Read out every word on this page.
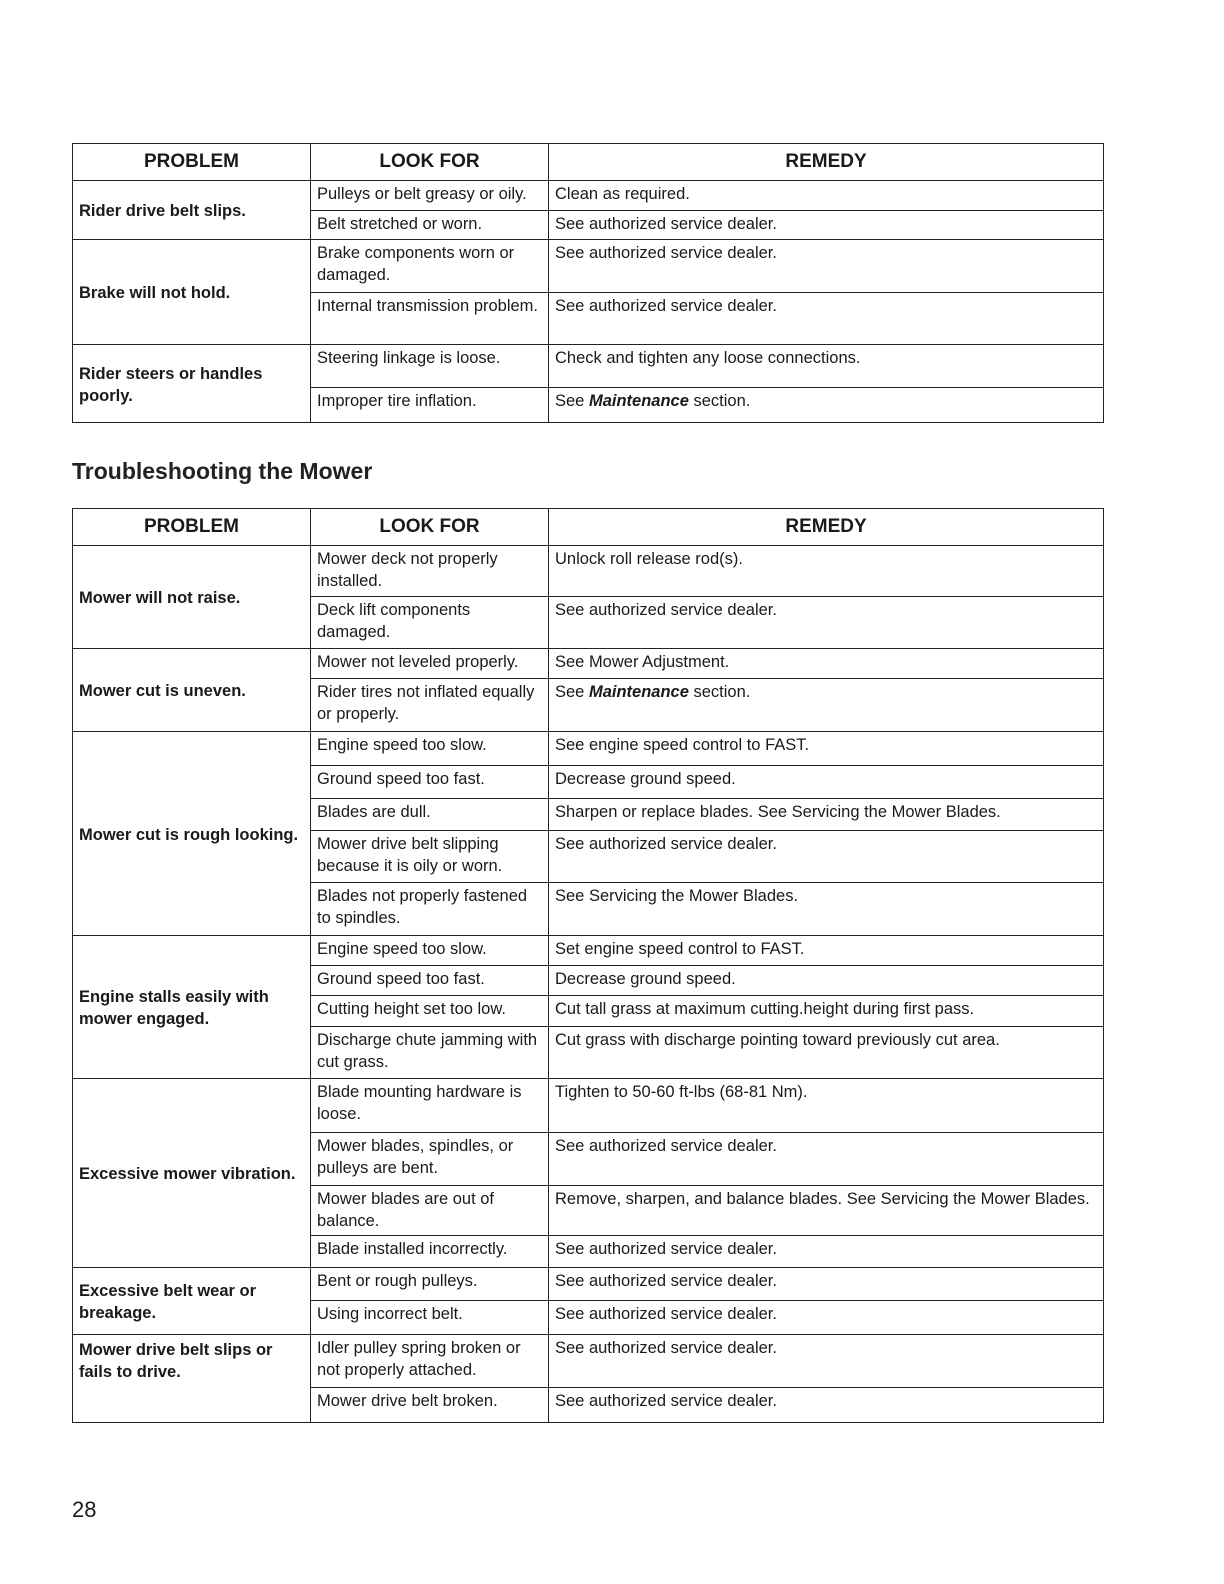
PROBLEM	LOOK FOR	REMEDY
Rider drive belt slips.	Pulleys or belt greasy or oily.	Clean as required.
	Belt stretched or worn.	See authorized service dealer.
Brake will not hold.	Brake components worn or damaged.	See authorized service dealer.
	Internal transmission problem.	See authorized service dealer.
Rider steers or handles poorly.	Steering linkage is loose.	Check and tighten any loose connections.
	Improper tire inflation.	See Maintenance section.
Troubleshooting the Mower
PROBLEM	LOOK FOR	REMEDY
Mower will not raise.	Mower deck not properly installed.	Unlock roll release rod(s).
	Deck lift components damaged.	See authorized service dealer.
Mower cut is uneven.	Mower not leveled properly.	See Mower Adjustment.
	Rider tires not inflated equally or properly.	See Maintenance section.
Mower cut is rough looking.	Engine speed too slow.	See engine speed control to FAST.
	Ground speed too fast.	Decrease ground speed.
	Blades are dull.	Sharpen or replace blades. See Servicing the Mower Blades.
	Mower drive belt slipping because it is oily or worn.	See authorized service dealer.
	Blades not properly fastened to spindles.	See Servicing the Mower Blades.
Engine stalls easily with mower engaged.	Engine speed too slow.	Set engine speed control to FAST.
	Ground speed too fast.	Decrease ground speed.
	Cutting height set too low.	Cut tall grass at maximum cutting.height during first pass.
	Discharge chute jamming with cut grass.	Cut grass with discharge pointing toward previously cut area.
Excessive mower vibration.	Blade mounting hardware is loose.	Tighten to 50-60 ft-lbs (68-81 Nm).
	Mower blades, spindles, or pulleys are bent.	See authorized service dealer.
	Mower blades are out of balance.	Remove, sharpen, and balance blades. See Servicing the Mower Blades.
	Blade installed incorrectly.	See authorized service dealer.
Excessive belt wear or breakage.	Bent or rough pulleys.	See authorized service dealer.
	Using incorrect belt.	See authorized service dealer.
Mower drive belt slips or fails to drive.	Idler pulley spring broken or not properly attached.	See authorized service dealer.
	Mower drive belt broken.	See authorized service dealer.
28
